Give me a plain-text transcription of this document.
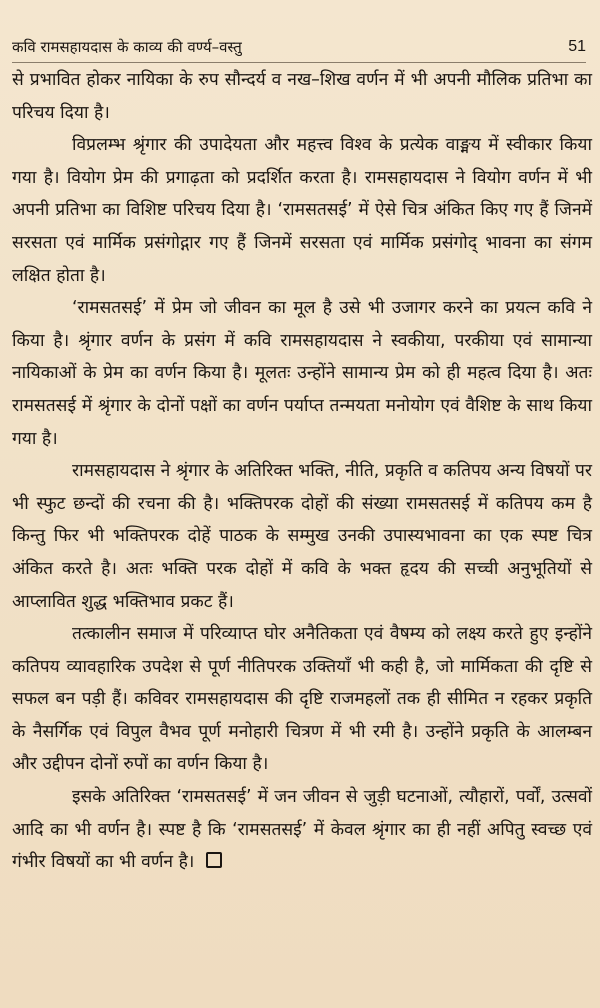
कवि रामसहायदास के काव्य की वर्ण्य–वस्तु	51

से प्रभावित होकर नायिका के रुप सौन्दर्य व नख–शिख वर्णन में भी अपनी मौलिक प्रतिभा का परिचय दिया है।

विप्रलम्भ श्रृंगार की उपादेयता और महत्त्व विश्व के प्रत्येक वाङ्मय में स्वीकार किया गया है। वियोग प्रेम की प्रगाढ़ता को प्रदर्शित करता है। रामसहायदास ने वियोग वर्णन में भी अपनी प्रतिभा का विशिष्ट परिचय दिया है। ‘रामसतसई’ में ऐसे चित्र अंकित किए गए हैं जिनमें सरसता एवं मार्मिक प्रसंगोद्गार गए हैं जिनमें सरसता एवं मार्मिक प्रसंगोद् भावना का संगम लक्षित होता है।

‘रामसतसई’ में प्रेम जो जीवन का मूल है उसे भी उजागर करने का प्रयत्न कवि ने किया है। श्रृंगार वर्णन के प्रसंग में कवि रामसहायदास ने स्वकीया, परकीया एवं सामान्या नायिकाओं के प्रेम का वर्णन किया है। मूलतः उन्होंने सामान्य प्रेम को ही महत्व दिया है। अतः रामसतसई में श्रृंगार के दोनों पक्षों का वर्णन पर्याप्त तन्मयता मनोयोग एवं वैशिष्ट के साथ किया गया है।

रामसहायदास ने श्रृंगार के अतिरिक्त भक्ति, नीति, प्रकृति व कतिपय अन्य विषयों पर भी स्फुट छन्दों की रचना की है। भक्तिपरक दोहों की संख्या रामसतसई में कतिपय कम है किन्तु फिर भी भक्तिपरक दोहें पाठक के सम्मुख उनकी उपास्यभावना का एक स्पष्ट चित्र अंकित करते है। अतः भक्ति परक दोहों में कवि के भक्त हृदय की सच्ची अनुभूतियों से आप्लावित शुद्ध भक्तिभाव प्रकट हैं।

तत्कालीन समाज में परिव्याप्त घोर अनैतिकता एवं वैषम्य को लक्ष्य करते हुए इन्होंने कतिपय व्यावहारिक उपदेश से पूर्ण नीतिपरक उक्तियाँ भी कही है, जो मार्मिकता की दृष्टि से सफल बन पड़ी हैं। कविवर रामसहायदास की दृष्टि राजमहलों तक ही सीमित न रहकर प्रकृति के नैसर्गिक एवं विपुल वैभव पूर्ण मनोहारी चित्रण में भी रमी है। उन्होंने प्रकृति के आलम्बन और उद्दीपन दोनों रुपों का वर्णन किया है।

इसके अतिरिक्त ‘रामसतसई’ में जन जीवन से जुड़ी घटनाओं, त्यौहारों, पर्वों, उत्सवों आदि का भी वर्णन है। स्पष्ट है कि ‘रामसतसई’ में केवल श्रृंगार का ही नहीं अपितु स्वच्छ एवं गंभीर विषयों का भी वर्णन है।
